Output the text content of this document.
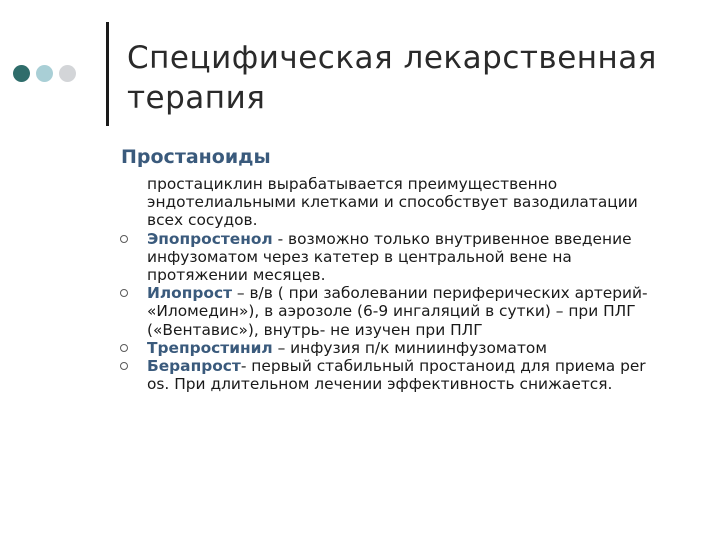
Специфическая лекарственная терапия
Простаноиды

простациклин вырабатывается преимущественно эндотелиальными клетками и способствует вазодилатации всех сосудов.

Эпопростенол - возможно только внутривенное введение инфузоматом через катетер в центральной вене на протяжении месяцев.
Илопрост – в/в ( при заболевании периферических артерий- «Иломедин»), в аэрозоле (6-9 ингаляций в сутки) – при ПЛГ («Вентавис»), внутрь- не изучен при ПЛГ
Трепростинил – инфузия п/к миниинфузоматом
Берапрост- первый стабильный простаноид для приема per os. При длительном лечении эффективность снижается.
